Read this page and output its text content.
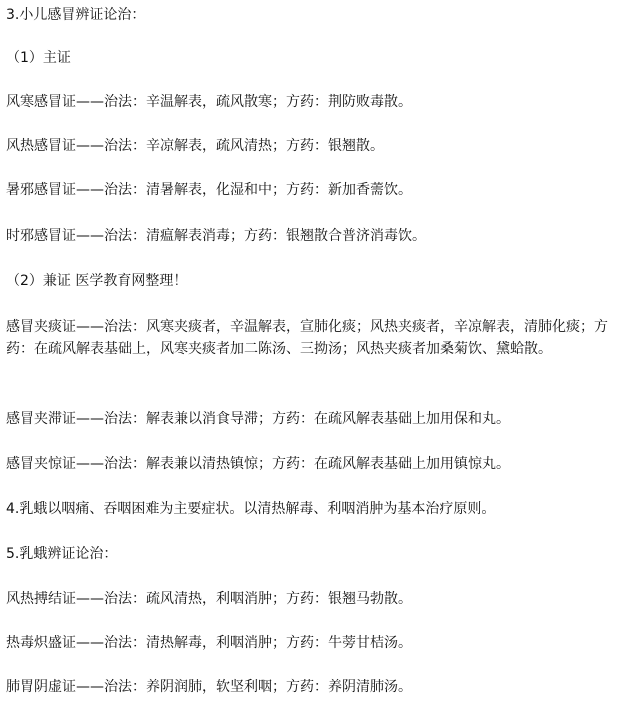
3.小儿感冒辨证论治：
（1）主证
风寒感冒证——治法：辛温解表，疏风散寒；方药：荆防败毒散。
风热感冒证——治法：辛凉解表，疏风清热；方药：银翘散。
暑邪感冒证——治法：清暑解表，化湿和中；方药：新加香薷饮。
时邪感冒证——治法：清瘟解表消毒；方药：银翘散合普济消毒饮。
（2）兼证 医学教育网整理！
感冒夹痰证——治法：风寒夹痰者，辛温解表，宣肺化痰；风热夹痰者，辛凉解表，清肺化痰；方药：在疏风解表基础上，风寒夹痰者加二陈汤、三拗汤；风热夹痰者加桑菊饮、黛蛤散。
感冒夹滞证——治法：解表兼以消食导滞；方药：在疏风解表基础上加用保和丸。
感冒夹惊证——治法：解表兼以清热镇惊；方药：在疏风解表基础上加用镇惊丸。
4.乳蛾以咽痛、吞咽困难为主要症状。以清热解毒、利咽消肿为基本治疗原则。
5.乳蛾辨证论治：
风热搏结证——治法：疏风清热，利咽消肿；方药：银翘马勃散。
热毒炽盛证——治法：清热解毒，利咽消肿；方药：牛蒡甘桔汤。
肺胃阴虚证——治法：养阴润肺，软坚利咽；方药：养阴清肺汤。
